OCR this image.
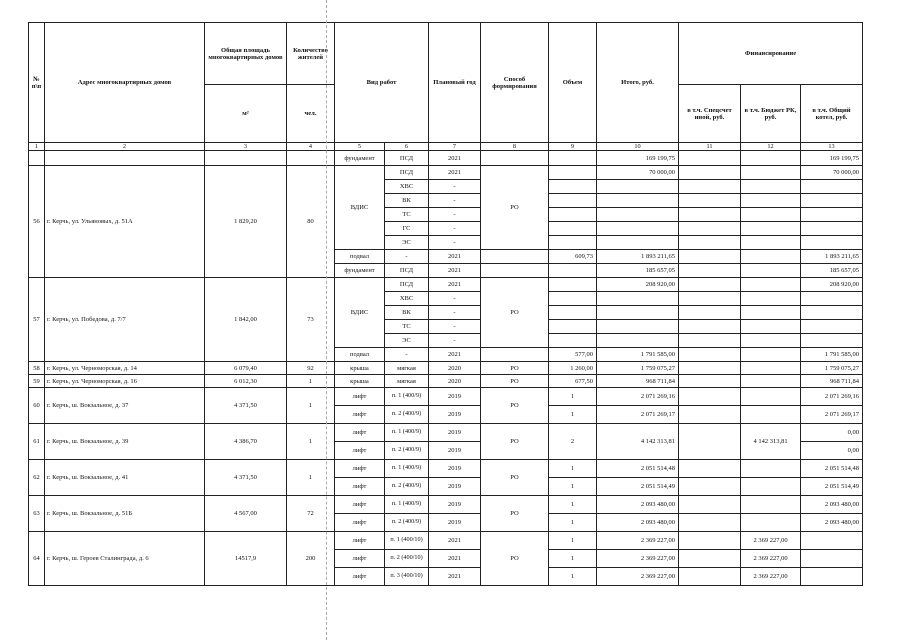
№ п\п	Адрес многоквартирных домов	Общая площадь многоквартирных домов	Количество жителей	Вид работ		Плановый год	Способ формирования	Объем	Итого, руб.	Финансирование		
		м²	чел.							в т.ч. Спецсчет иной, руб.	в т.ч. Бюджет РК, руб.	в т.ч. Общий котел, руб.
1	2	3	4	5	6	7	8	9	10	11	12	13
				фундамент	ПСД	2021			169 199,75			169 199,75
56	г. Керчь, ул. Ульяновых, д. 51А	1 829,20	80	ВДИС	ПСД	2021	РО		70 000,00			70 000,00
					ХВС	-						
					ВК	-						
					ТС	-						
					ГС	-						
					ЭС	-						
				подвал	-	2021		609,73	1 893 211,65			1 893 211,65
				фундамент	ПСД	2021			185 657,05			185 657,05
57	г. Керчь, ул. Победова, д. 7/7	1 842,00	73	ВДИС	ПСД	2021	РО		208 920,00			208 920,00
					ХВС	-						
					ВК	-						
					ТС	-						
					ЭС	-						
				подвал	-	2021		577,00	1 791 585,00			1 791 585,00
58	г. Керчь, ул. Черноморская, д. 14	6 079,40	92	крыша	мягкая	2020	РО	1 260,00	1 759 075,27			1 759 075,27
59	г. Керчь, ул. Черноморская, д. 16	6 012,30	1	крыша	мягкая	2020	РО	677,50	968 711,84			968 711,84
60	г. Керчь, ш. Вокзальное, д. 37	4 371,50	1	лифт	п. 1 (400/9)	2019	РО	1	2 071 269,16			2 071 269,16
				лифт	п. 2 (400/9)	2019		1	2 071 269,17			2 071 269,17
61	г. Керчь, ш. Вокзальное, д. 39	4 386,70	1	лифт	п. 1 (400/9)	2019	РО	2	4 142 313,81		4 142 313,81	0,00
				лифт	п. 2 (400/9)	2019						0,00
62	г. Керчь, ш. Вокзальное, д. 41	4 371,50	1	лифт	п. 1 (400/9)	2019	РО	1	2 051 514,48			2 051 514,48
				лифт	п. 2 (400/9)	2019		1	2 051 514,49			2 051 514,49
63	г. Керчь, ш. Вокзальное, д. 51Б	4 567,00	72	лифт	п. 1 (400/9)	2019	РО	1	2 093 480,00			2 093 480,00
				лифт	п. 2 (400/9)	2019		1	2 093 480,00			2 093 480,00
64	г. Керчь, ш. Героев Сталинграда, д. 6	14517,9	200	лифт	п. 1 (400/10)	2021	РО	1	2 369 227,00		2 369 227,00	
				лифт	п. 2 (400/10)	2021		1	2 369 227,00		2 369 227,00	
				лифт	п. 3 (400/10)	2021		1	2 369 227,00		2 369 227,00	
